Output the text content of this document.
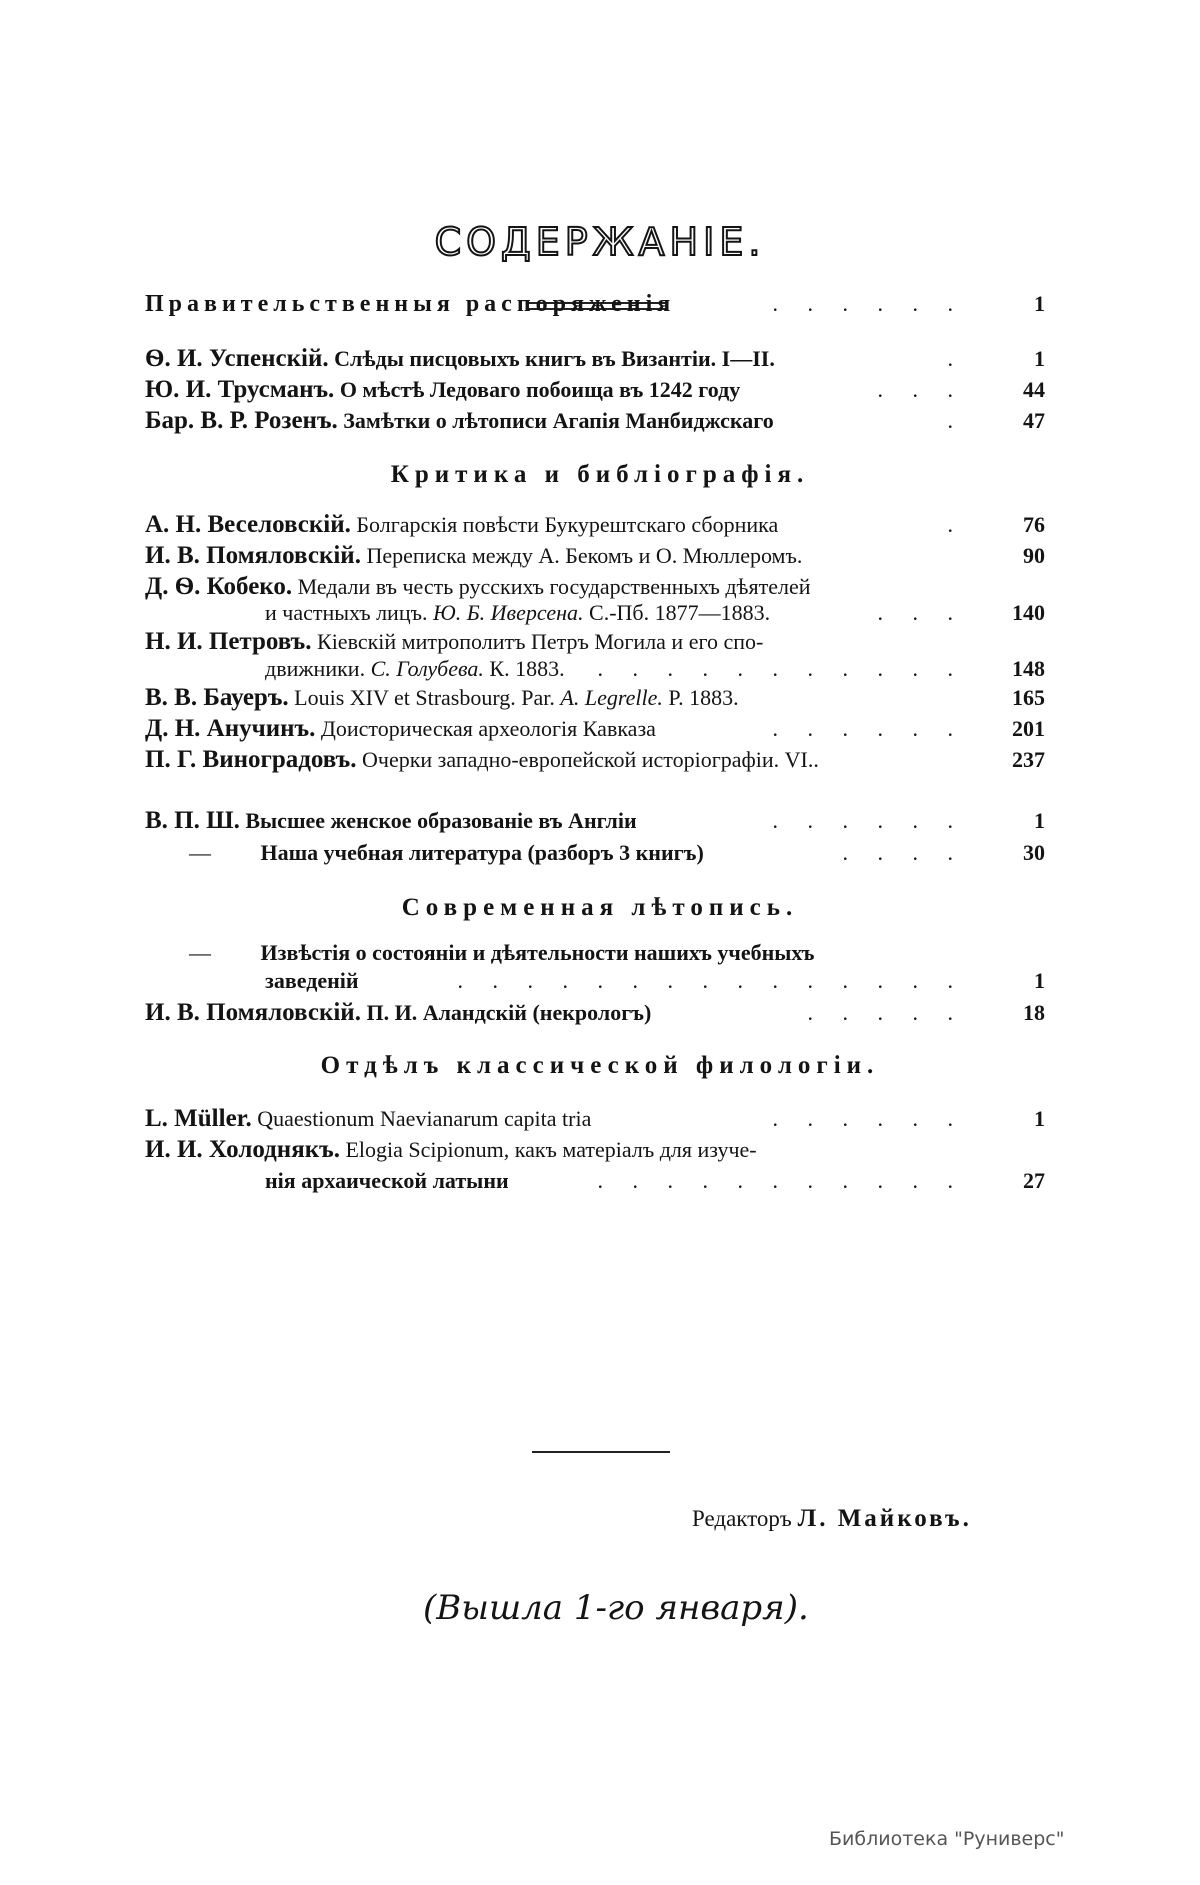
СОДЕРЖАНІЕ.
Правительственныя распоряженія	. . . . . .	1
Ѳ. И. Успенскій. Слѣды писцовыхъ книгъ въ Византіи. I—II.	.	1
Ю. И. Трусманъ. О мѣстѣ Ледоваго побоища въ 1242 году	. . .	44
Бар. В. Р. Розенъ. Замѣтки о лѣтописи Агапія Манбиджскаго	.	47
Критика и библіографія.
А. Н. Веселовскій. Болгарскія повѣсти Букурештскаго сборника	.	76
И. В. Помяловскій. Переписка между А. Бекомъ и О. Мюллеромъ.	90
Д. Ѳ. Кобеко. Медали въ честь русскихъ государственныхъ дѣятелей
и частныхъ лицъ. Ю. Б. Иверсена. С.-Пб. 1877—1883.	. . .	140
Н. И. Петровъ. Кіевскій митрополитъ Петръ Могила и его спо-
движники. С. Голубева. К. 1883. . . . . . . . . . . .	148
В. В. Бауеръ. Louis XIV et Strasbourg. Par. A. Legrelle. P. 1883.	165
Д. Н. Анучинъ. Доисторическая археологія Кавказа	. . . . . .	201
П. Г. Виноградовъ. Очерки западно-европейской исторіографіи. VI..	237
В. П. Ш. Высшее женское образованіе въ Англіи	. . . . . .	1
— Наша учебная литература (разборъ 3 книгъ)	. . . .	30
Современная лѣтопись.
— Извѣстія о состояніи и дѣятельности нашихъ учебныхъ
заведеній	. . . . . . . . . . . . . . .	1
И. В. Помяловскій. П. И. Аландскій (некрологъ)	. . . . .	18
Отдѣлъ классической филологіи.
L. Müller. Quaestionum Naevianarum capita tria	. . . . . .	1
И. И. Холоднякъ. Elogia Scipionum, какъ матеріалъ для изуче-
нія архаической латыни	. . . . . . . . . . .	27
Редакторъ Л. Майковъ.
(Вышла 1-го января).
Библиотека "Руниверс"
